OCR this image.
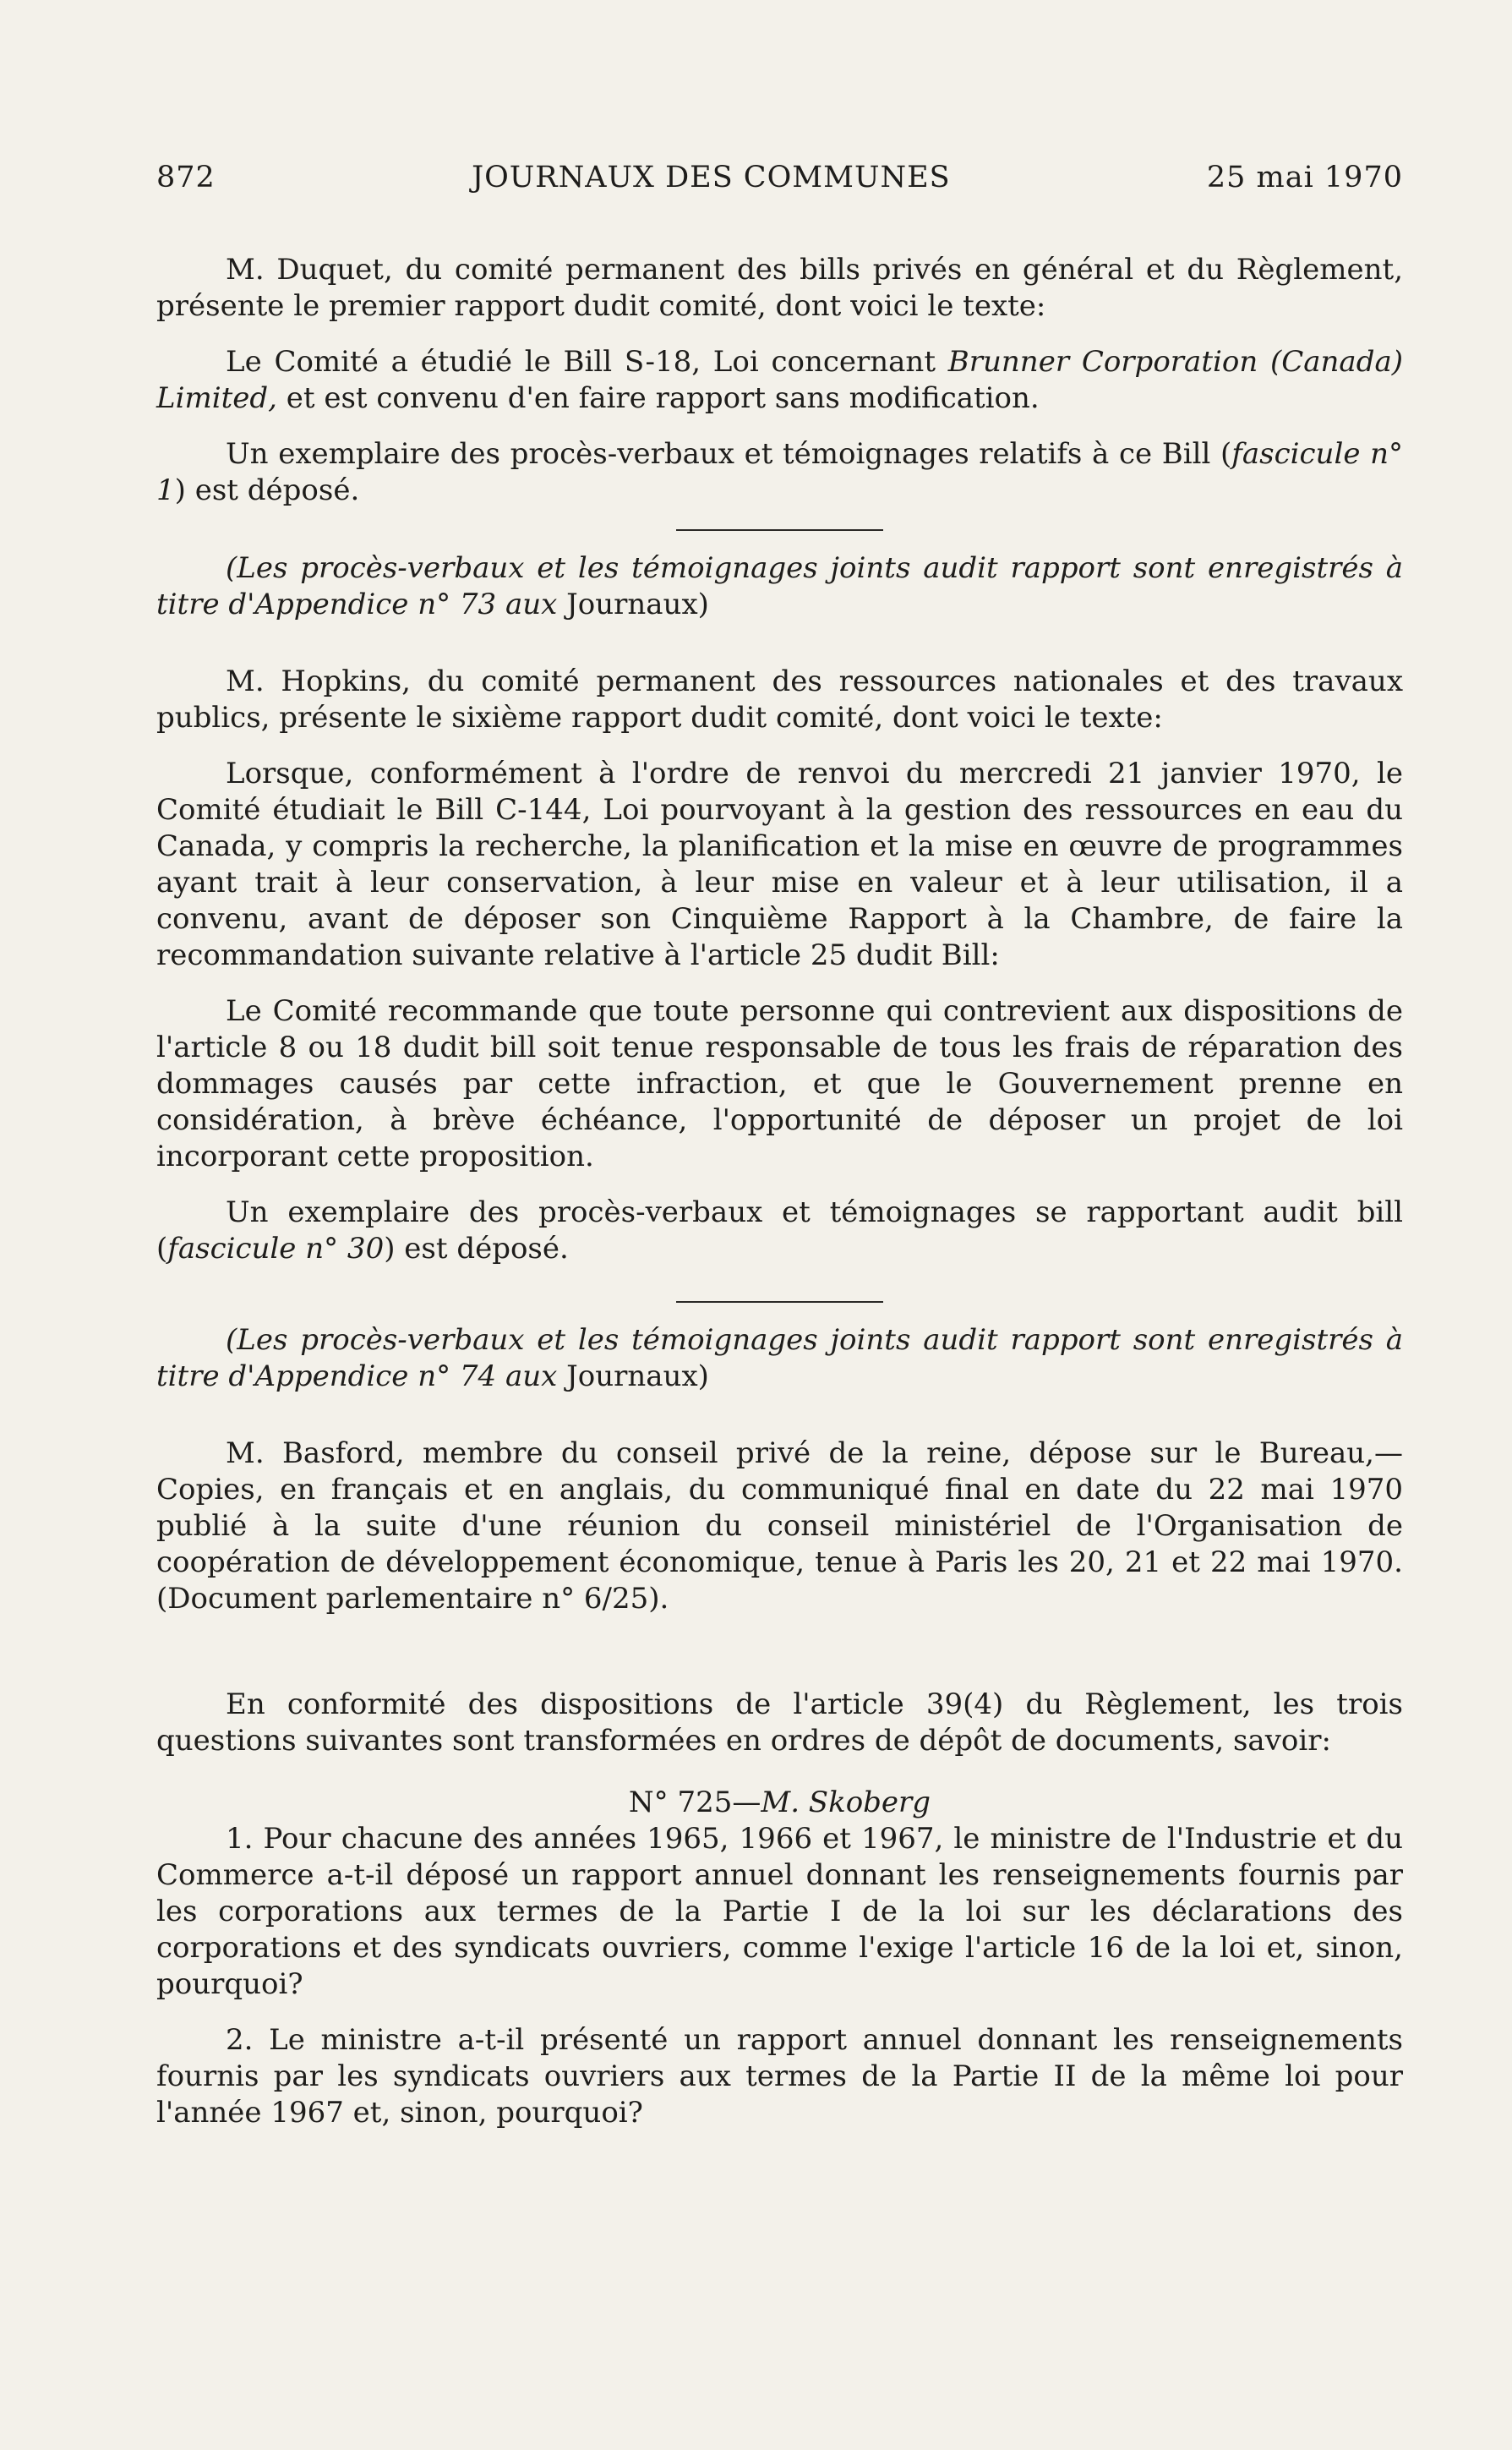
872	JOURNAUX DES COMMUNES	25 mai 1970

M. Duquet, du comité permanent des bills privés en général et du Règlement, présente le premier rapport dudit comité, dont voici le texte:

Le Comité a étudié le Bill S-18, Loi concernant Brunner Corporation (Canada) Limited, et est convenu d'en faire rapport sans modification.

Un exemplaire des procès-verbaux et témoignages relatifs à ce Bill (fascicule n° 1) est déposé.

(Les procès-verbaux et les témoignages joints audit rapport sont enregistrés à titre d'Appendice n° 73 aux Journaux)

M. Hopkins, du comité permanent des ressources nationales et des travaux publics, présente le sixième rapport dudit comité, dont voici le texte:

Lorsque, conformément à l'ordre de renvoi du mercredi 21 janvier 1970, le Comité étudiait le Bill C-144, Loi pourvoyant à la gestion des ressources en eau du Canada, y compris la recherche, la planification et la mise en œuvre de programmes ayant trait à leur conservation, à leur mise en valeur et à leur utilisation, il a convenu, avant de déposer son Cinquième Rapport à la Chambre, de faire la recommandation suivante relative à l'article 25 dudit Bill:

Le Comité recommande que toute personne qui contrevient aux dispositions de l'article 8 ou 18 dudit bill soit tenue responsable de tous les frais de réparation des dommages causés par cette infraction, et que le Gouvernement prenne en considération, à brève échéance, l'opportunité de déposer un projet de loi incorporant cette proposition.

Un exemplaire des procès-verbaux et témoignages se rapportant audit bill (fascicule n° 30) est déposé.

(Les procès-verbaux et les témoignages joints audit rapport sont enregistrés à titre d'Appendice n° 74 aux Journaux)

M. Basford, membre du conseil privé de la reine, dépose sur le Bureau,— Copies, en français et en anglais, du communiqué final en date du 22 mai 1970 publié à la suite d'une réunion du conseil ministériel de l'Organisation de coopération de développement économique, tenue à Paris les 20, 21 et 22 mai 1970. (Document parlementaire n° 6/25).

En conformité des dispositions de l'article 39(4) du Règlement, les trois questions suivantes sont transformées en ordres de dépôt de documents, savoir:

N° 725—M. Skoberg

1. Pour chacune des années 1965, 1966 et 1967, le ministre de l'Industrie et du Commerce a-t-il déposé un rapport annuel donnant les renseignements fournis par les corporations aux termes de la Partie I de la loi sur les déclarations des corporations et des syndicats ouvriers, comme l'exige l'article 16 de la loi et, sinon, pourquoi?

2. Le ministre a-t-il présenté un rapport annuel donnant les renseignements fournis par les syndicats ouvriers aux termes de la Partie II de la même loi pour l'année 1967 et, sinon, pourquoi?
